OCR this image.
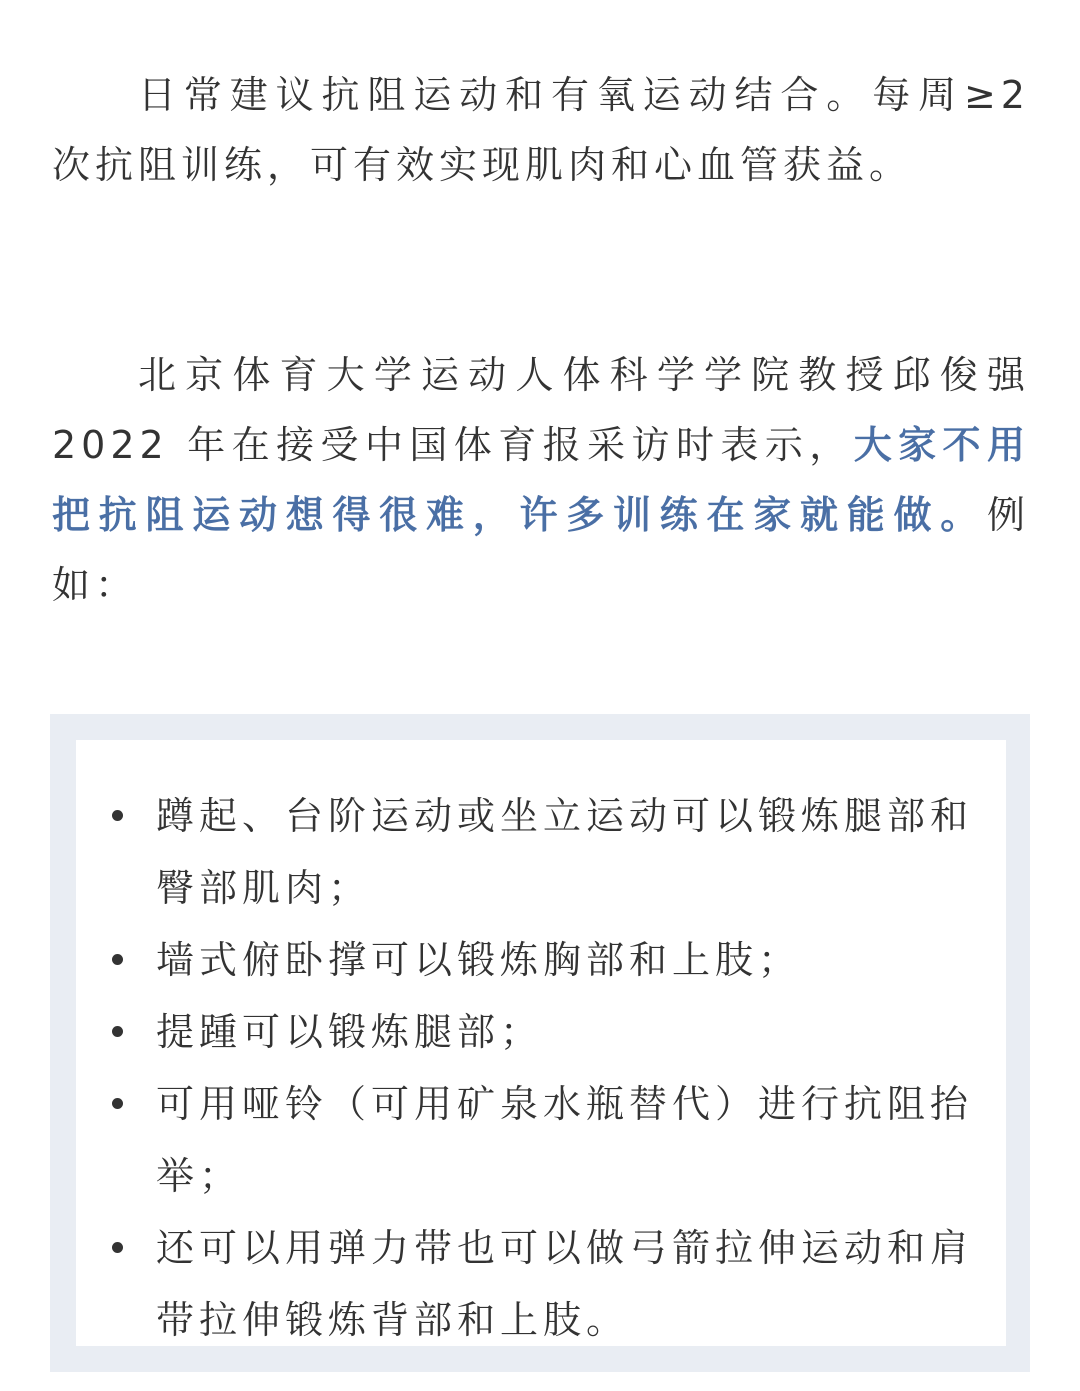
日常建议抗阻运动和有氧运动结合。每周≥2 次抗阻训练，可有效实现肌肉和心血管获益。

北京体育大学运动人体科学学院教授邱俊强2022 年在接受中国体育报采访时表示，大家不用把抗阻运动想得很难，许多训练在家就能做。例如：

蹲起、台阶运动或坐立运动可以锻炼腿部和臀部肌肉；
墙式俯卧撑可以锻炼胸部和上肢；
提踵可以锻炼腿部；
可用哑铃（可用矿泉水瓶替代）进行抗阻抬举；
还可以用弹力带也可以做弓箭拉伸运动和肩带拉伸锻炼背部和上肢。
